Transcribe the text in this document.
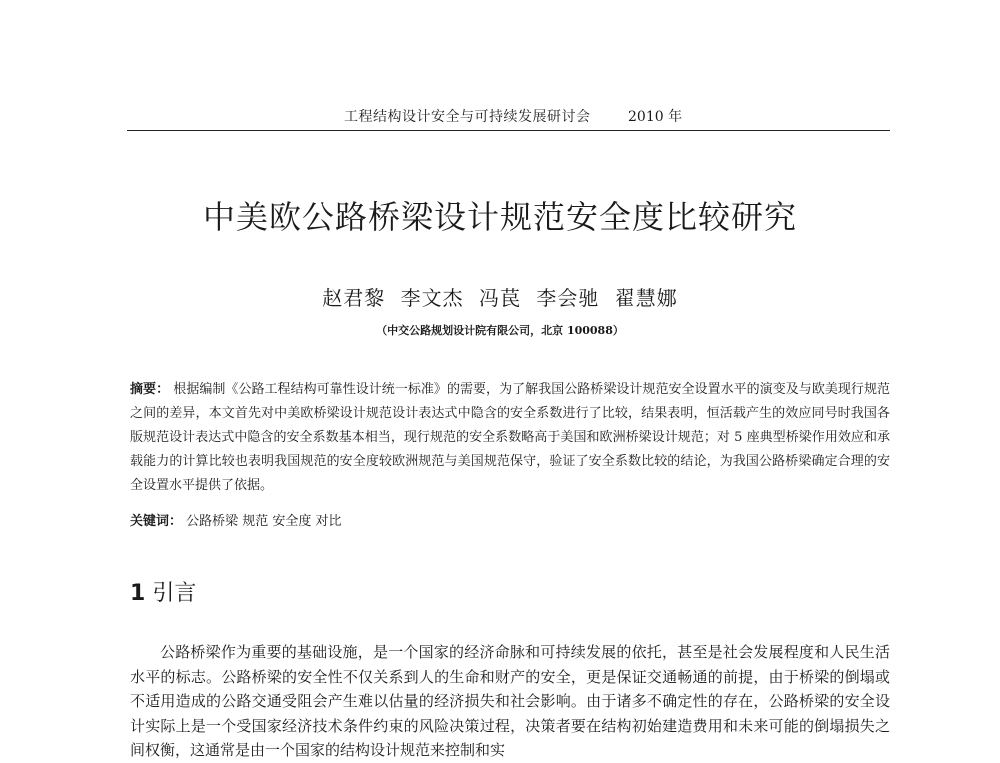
工程结构设计安全与可持续发展研讨会	2010 年
中美欧公路桥梁设计规范安全度比较研究
赵君黎 李文杰 冯苠 李会驰 翟慧娜
（中交公路规划设计院有限公司，北京 100088）
摘要： 根据编制《公路工程结构可靠性设计统一标准》的需要，为了解我国公路桥梁设计规范安全设置水平的演变及与欧美现行规范之间的差异，本文首先对中美欧桥梁设计规范设计表达式中隐含的安全系数进行了比较，结果表明，恒活载产生的效应同号时我国各版规范设计表达式中隐含的安全系数基本相当，现行规范的安全系数略高于美国和欧洲桥梁设计规范；对 5 座典型桥梁作用效应和承载能力的计算比较也表明我国规范的安全度较欧洲规范与美国规范保守，验证了安全系数比较的结论，为我国公路桥梁确定合理的安全设置水平提供了依据。
关键词： 公路桥梁 规范 安全度 对比
1 引言
公路桥梁作为重要的基础设施，是一个国家的经济命脉和可持续发展的依托，甚至是社会发展程度和人民生活水平的标志。公路桥梁的安全性不仅关系到人的生命和财产的安全，更是保证交通畅通的前提，由于桥梁的倒塌或不适用造成的公路交通受阻会产生难以估量的经济损失和社会影响。由于诸多不确定性的存在，公路桥梁的安全设计实际上是一个受国家经济技术条件约束的风险决策过程，决策者要在结构初始建造费用和未来可能的倒塌损失之间权衡，这通常是由一个国家的结构设计规范来控制和实
